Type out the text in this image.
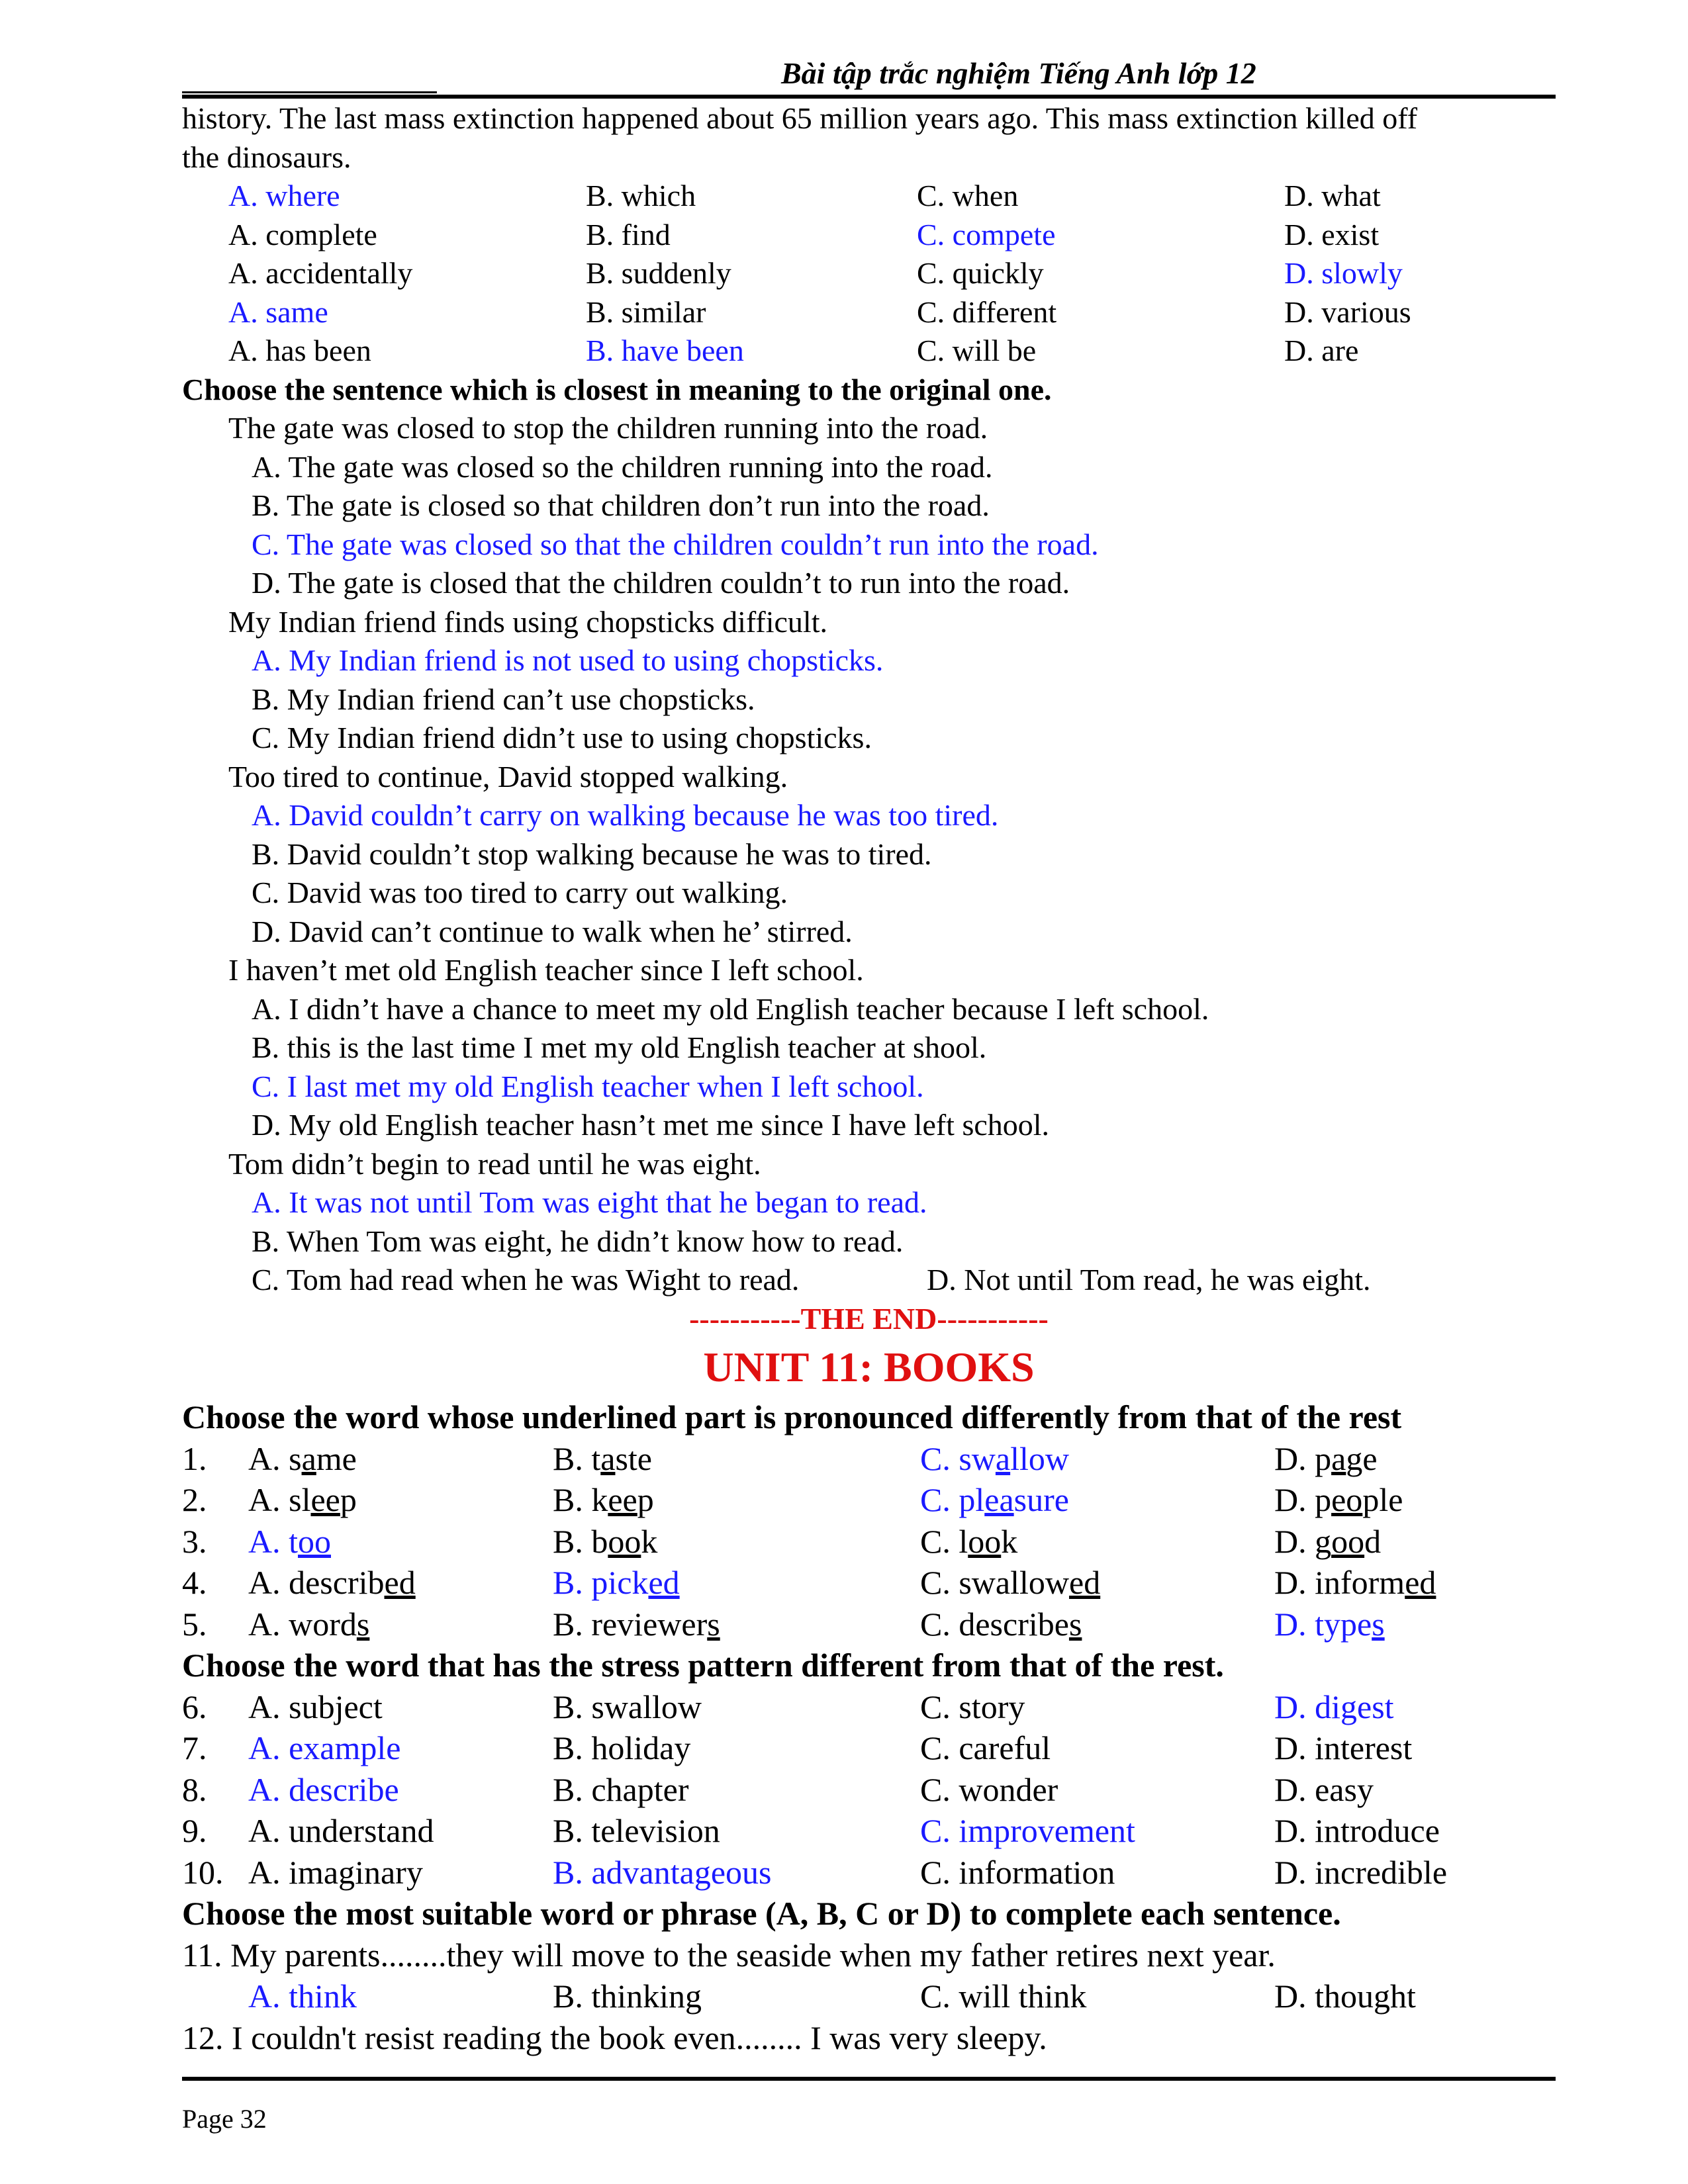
Bài tập trắc nghiệm Tiếng Anh lớp 12
history. The last mass extinction happened about 65 million years ago. This mass extinction killed off
the dinosaurs.
A. where	B. which	C. when	D. what
A. complete	B. find	C. compete	D. exist
A. accidentally	B. suddenly	C. quickly	D. slowly
A. same	B. similar	C. different	D. various
A. has been	B. have been	C. will be	D. are
Choose the sentence which is closest in meaning to the original one.
The gate was closed to stop the children running into the road.
A. The gate was closed so the children running into the road.
B. The gate is closed so that children don’t run into the road.
C. The gate was closed so that the children couldn’t run into the road.
D. The gate is closed that the children couldn’t to run into the road.
My Indian friend finds using chopsticks difficult.
A. My Indian friend is not used to using chopsticks.
B. My Indian friend can’t use chopsticks.
C. My Indian friend didn’t use to using chopsticks.
Too tired to continue, David stopped walking.
A. David couldn’t carry on walking because he was too tired.
B. David couldn’t stop walking because he was to tired.
C. David was too tired to carry out walking.
D. David can’t continue to walk when he’ stirred.
I haven’t met old English teacher since I left school.
A. I didn’t have a chance to meet my old English teacher because I left school.
B. this is the last time I met my old English teacher at shool.
C. I last met my old English teacher when I left school.
D. My old English teacher hasn’t met me since I have left school.
Tom didn’t begin to read until he was eight.
A. It was not until Tom was eight that he began to read.
B. When Tom was eight, he didn’t know how to read.
C. Tom had read when he was Wight to read.	D. Not until Tom read, he was eight.
-----------THE END-----------
UNIT 11: BOOKS
Choose the word whose underlined part is pronounced differently from that of the rest
1. A. same	B. taste	C. swallow	D. page
2. A. sleep	B. keep	C. pleasure	D. people
3. A. too	B. book	C. look	D. good
4. A. described	B. picked	C. swallowed	D. informed
5. A. words	B. reviewers	C. describes	D. types
Choose the word that has the stress pattern different from that of the rest.
6. A. subject	B. swallow	C. story	D. digest
7. A. example	B. holiday	C. careful	D. interest
8. A. describe	B. chapter	C. wonder	D. easy
9. A. understand	B. television	C. improvement	D. introduce
10. A. imaginary	B. advantageous	C. information	D. incredible
Choose the most suitable word or phrase (A, B, C or D) to complete each sentence.
11. My parents........they will move to the seaside when my father retires next year.
A. think	B. thinking	C. will think	D. thought
12. I couldn't resist reading the book even........ I was very sleepy.
Page 32
